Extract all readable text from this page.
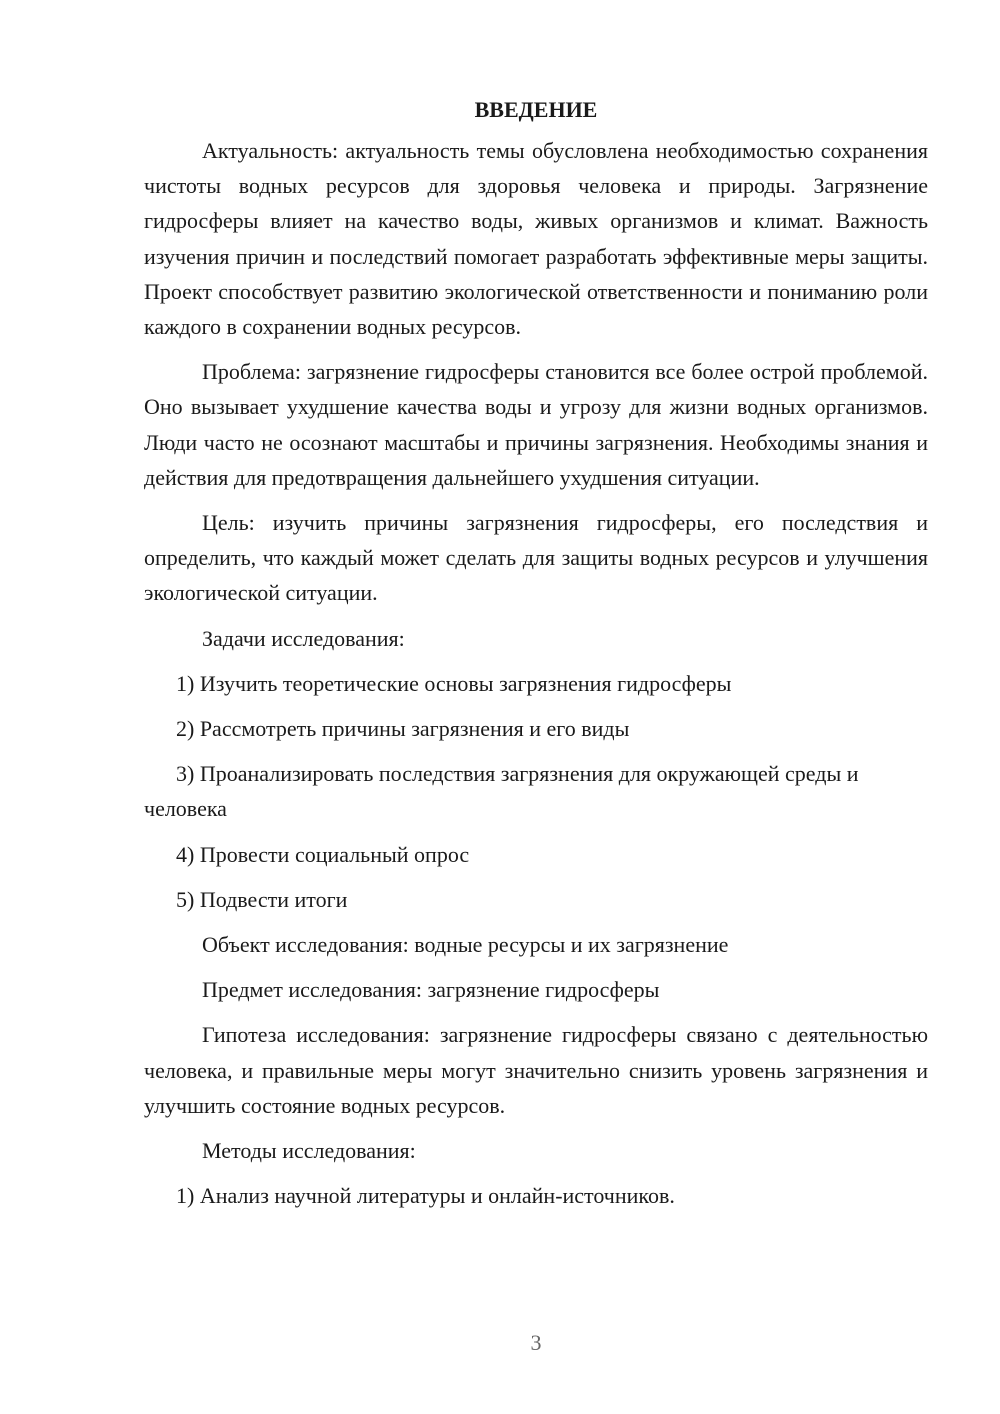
ВВЕДЕНИЕ

Актуальность: актуальность темы обусловлена необходимостью сохранения чистоты водных ресурсов для здоровья человека и природы. Загрязнение гидросферы влияет на качество воды, живых организмов и климат. Важность изучения причин и последствий помогает разработать эффективные меры защиты. Проект способствует развитию экологической ответственности и пониманию роли каждого в сохранении водных ресурсов.

Проблема: загрязнение гидросферы становится все более острой проблемой. Оно вызывает ухудшение качества воды и угрозу для жизни водных организмов. Люди часто не осознают масштабы и причины загрязнения. Необходимы знания и действия для предотвращения дальнейшего ухудшения ситуации.

Цель: изучить причины загрязнения гидросферы, его последствия и определить, что каждый может сделать для защиты водных ресурсов и улучшения экологической ситуации.

Задачи исследования:

1) Изучить теоретические основы загрязнения гидросферы

2) Рассмотреть причины загрязнения и его виды

3) Проанализировать последствия загрязнения для окружающей среды и человека

4) Провести социальный опрос

5) Подвести итоги

Объект исследования: водные ресурсы и их загрязнение

Предмет исследования: загрязнение гидросферы

Гипотеза исследования: загрязнение гидросферы связано с деятельностью человека, и правильные меры могут значительно снизить уровень загрязнения и улучшить состояние водных ресурсов.

Методы исследования:

1) Анализ научной литературы и онлайн-источников.

3
